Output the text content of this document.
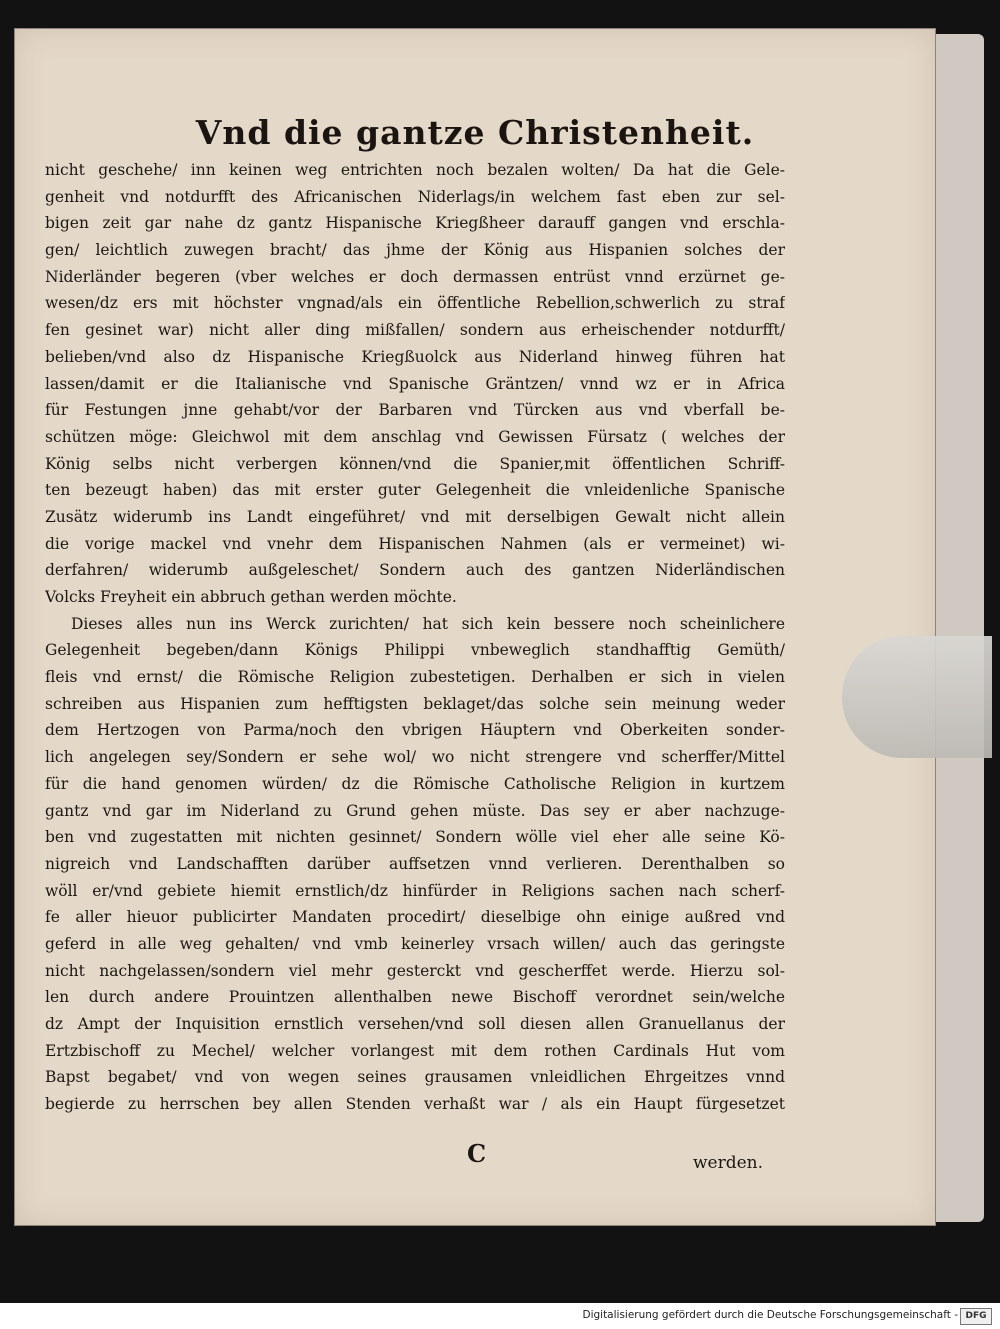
Vnd die gantze Christenheit.
nicht geschehe/ inn keinen weg entrichten noch bezalen wolten/ Da hat die Gele-
genheit vnd notdurfft des Africanischen Niderlags/in welchem fast eben zur sel-
bigen zeit gar nahe dz gantz Hispanische Kriegßheer darauff gangen vnd erschla-
gen/ leichtlich zuwegen bracht/ das jhme der König aus Hispanien solches der
Niderländer begeren (vber welches er doch dermassen entrüst vnnd erzürnet ge-
wesen/dz ers mit höchster vngnad/als ein öffentliche Rebellion,schwerlich zu straf
fen gesinet war) nicht aller ding mißfallen/ sondern aus erheischender notdurfft/
belieben/vnd also dz Hispanische Kriegßuolck aus Niderland hinweg führen hat
lassen/damit er die Italianische vnd Spanische Gräntzen/ vnnd wz er in Africa
für Festungen jnne gehabt/vor der Barbaren vnd Türcken aus vnd vberfall be-
schützen möge: Gleichwol mit dem anschlag vnd Gewissen Fürsatz ( welches der
König selbs nicht verbergen können/vnd die Spanier,mit öffentlichen Schriff-
ten bezeugt haben) das mit erster guter Gelegenheit die vnleidenliche Spanische
Zusätz widerumb ins Landt eingeführet/ vnd mit derselbigen Gewalt nicht allein
die vorige mackel vnd vnehr dem Hispanischen Nahmen (als er vermeinet) wi-
derfahren/ widerumb außgeleschet/ Sondern auch des gantzen Niderländischen
Volcks Freyheit ein abbruch gethan werden möchte.
Dieses alles nun ins Werck zurichten/ hat sich kein bessere noch scheinlichere
Gelegenheit begeben/dann Königs Philippi vnbeweglich standhafftig Gemüth/
fleis vnd ernst/ die Römische Religion zubestetigen. Derhalben er sich in vielen
schreiben aus Hispanien zum hefftigsten beklaget/das solche sein meinung weder
dem Hertzogen von Parma/noch den vbrigen Häuptern vnd Oberkeiten sonder-
lich angelegen sey/Sondern er sehe wol/ wo nicht strengere vnd scherffer/Mittel
für die hand genomen würden/ dz die Römische Catholische Religion in kurtzem
gantz vnd gar im Niderland zu Grund gehen müste. Das sey er aber nachzuge-
ben vnd zugestatten mit nichten gesinnet/ Sondern wölle viel eher alle seine Kö-
nigreich vnd Landschafften darüber auffsetzen vnnd verlieren. Derenthalben so
wöll er/vnd gebiete hiemit ernstlich/dz hinfürder in Religions sachen nach scherf-
fe aller hieuor publicirter Mandaten procedirt/ dieselbige ohn einige außred vnd
geferd in alle weg gehalten/ vnd vmb keinerley vrsach willen/ auch das geringste
nicht nachgelassen/sondern viel mehr gesterckt vnd gescherffet werde. Hierzu sol-
len durch andere Prouintzen allenthalben newe Bischoff verordnet sein/welche
dz Ampt der Inquisition ernstlich versehen/vnd soll diesen allen Granuellanus der
Ertzbischoff zu Mechel/ welcher vorlangest mit dem rothen Cardinals Hut vom
Bapst begabet/ vnd von wegen seines grausamen vnleidlichen Ehrgeitzes vnnd
begierde zu herrschen bey allen Stenden verhaßt war / als ein Haupt fürgesetzet
C	werden.
Digitalisierung gefördert durch die Deutsche Forschungsgemeinschaft - DFG
